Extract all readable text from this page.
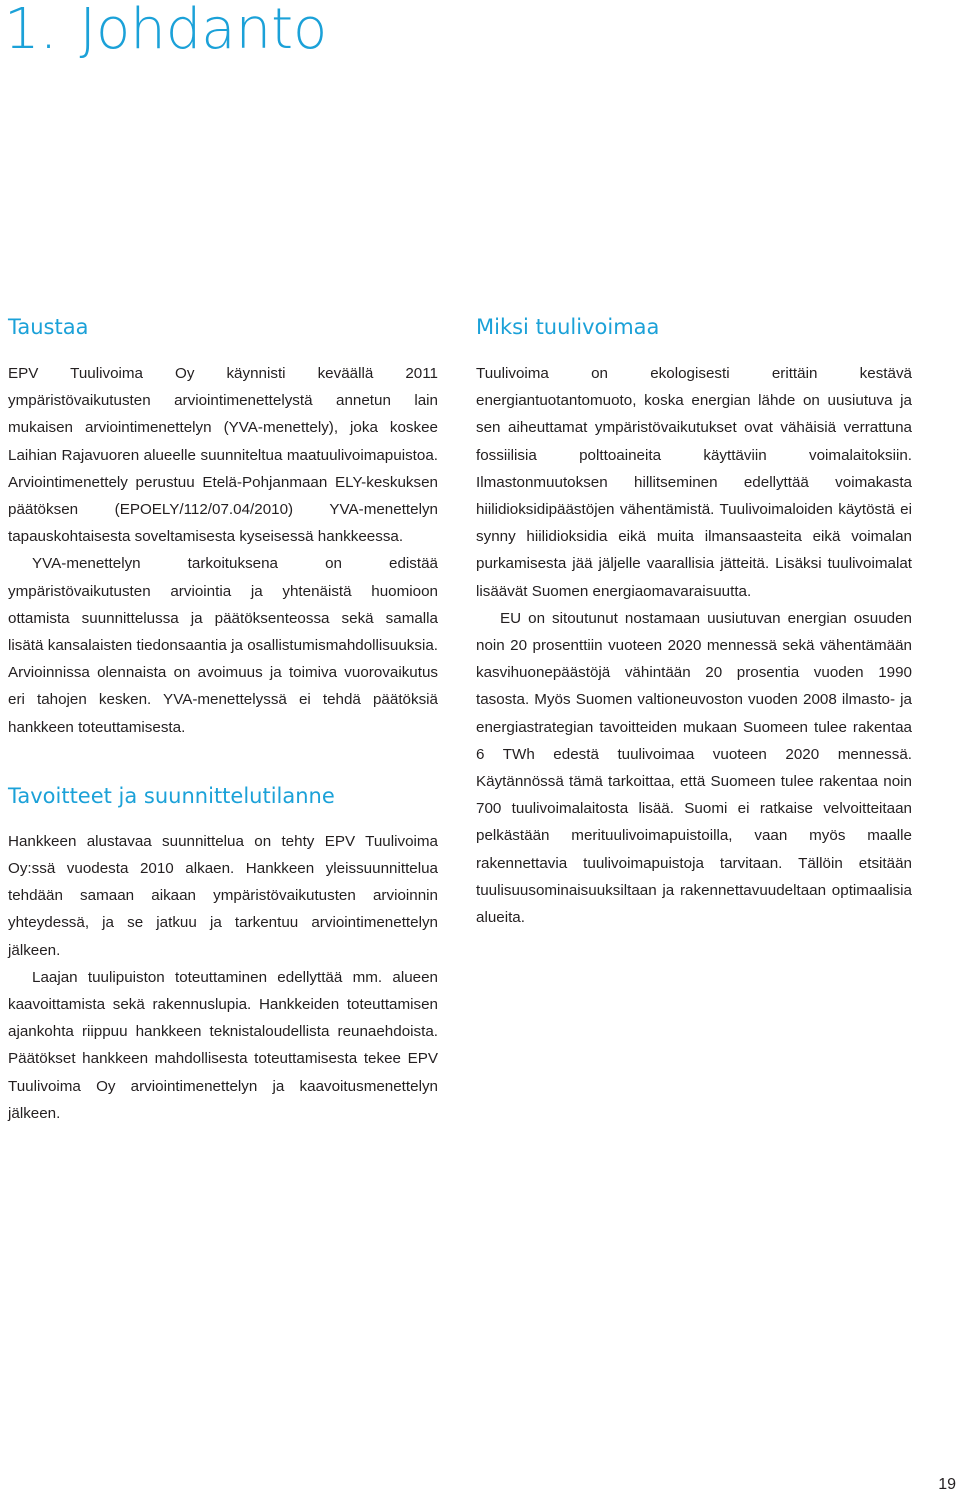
1. Johdanto
Taustaa

EPV Tuulivoima Oy käynnisti keväällä 2011 ympäristövaikutusten arviointimenettelystä annetun lain mukaisen arviointimenettelyn (YVA-menettely), joka koskee Laihian Rajavuoren alueelle suunniteltua maatuulivoimapuistoa. Arviointimenettely perustuu Etelä-Pohjanmaan ELY-keskuksen päätöksen (EPOELY/112/07.04/2010) YVA-menettelyn tapauskohtaisesta soveltamisesta kyseisessä hankkeessa.

YVA-menettelyn tarkoituksena on edistää ympäristövaikutusten arviointia ja yhtenäistä huomioon ottamista suunnittelussa ja päätöksenteossa sekä samalla lisätä kansalaisten tiedonsaantia ja osallistumismahdollisuuksia. Arvioinnissa olennaista on avoimuus ja toimiva vuorovaikutus eri tahojen kesken. YVA-menettelyssä ei tehdä päätöksiä hankkeen toteuttamisesta.

Tavoitteet ja suunnittelutilanne

Hankkeen alustavaa suunnittelua on tehty EPV Tuulivoima Oy:ssä vuodesta 2010 alkaen. Hankkeen yleissuunnittelua tehdään samaan aikaan ympäristövaikutusten arvioinnin yhteydessä, ja se jatkuu ja tarkentuu arviointimenettelyn jälkeen.

Laajan tuulipuiston toteuttaminen edellyttää mm. alueen kaavoittamista sekä rakennuslupia. Hankkeiden toteuttamisen ajankohta riippuu hankkeen teknistaloudellista reunaehdoista. Päätökset hankkeen mahdollisesta toteuttamisesta tekee EPV Tuulivoima Oy arviointimenettelyn ja kaavoitusmenettelyn jälkeen.

Miksi tuulivoimaa

Tuulivoima on ekologisesti erittäin kestävä energiantuotantomuoto, koska energian lähde on uusiutuva ja sen aiheuttamat ympäristövaikutukset ovat vähäisiä verrattuna fossiilisia polttoaineita käyttäviin voimalaitoksiin. Ilmastonmuutoksen hillitseminen edellyttää voimakasta hiilidioksidipäästöjen vähentämistä. Tuulivoimaloiden käytöstä ei synny hiilidioksidia eikä muita ilmansaasteita eikä voimalan purkamisesta jää jäljelle vaarallisia jätteitä. Lisäksi tuulivoimalat lisäävät Suomen energiaomavaraisuutta.

EU on sitoutunut nostamaan uusiutuvan energian osuuden noin 20 prosenttiin vuoteen 2020 mennessä sekä vähentämään kasvihuonepäästöjä vähintään 20 prosentia vuoden 1990 tasosta. Myös Suomen valtioneuvoston vuoden 2008 ilmasto- ja energiastrategian tavoitteiden mukaan Suomeen tulee rakentaa 6 TWh edestä tuulivoimaa vuoteen 2020 mennessä. Käytännössä tämä tarkoittaa, että Suomeen tulee rakentaa noin 700 tuulivoimalaitosta lisää. Suomi ei ratkaise velvoitteitaan pelkästään merituulivoimapuistoilla, vaan myös maalle rakennettavia tuulivoimapuistoja tarvitaan. Tällöin etsitään tuulisuusominaisuuksiltaan ja rakennettavuudeltaan optimaalisia alueita.

19
